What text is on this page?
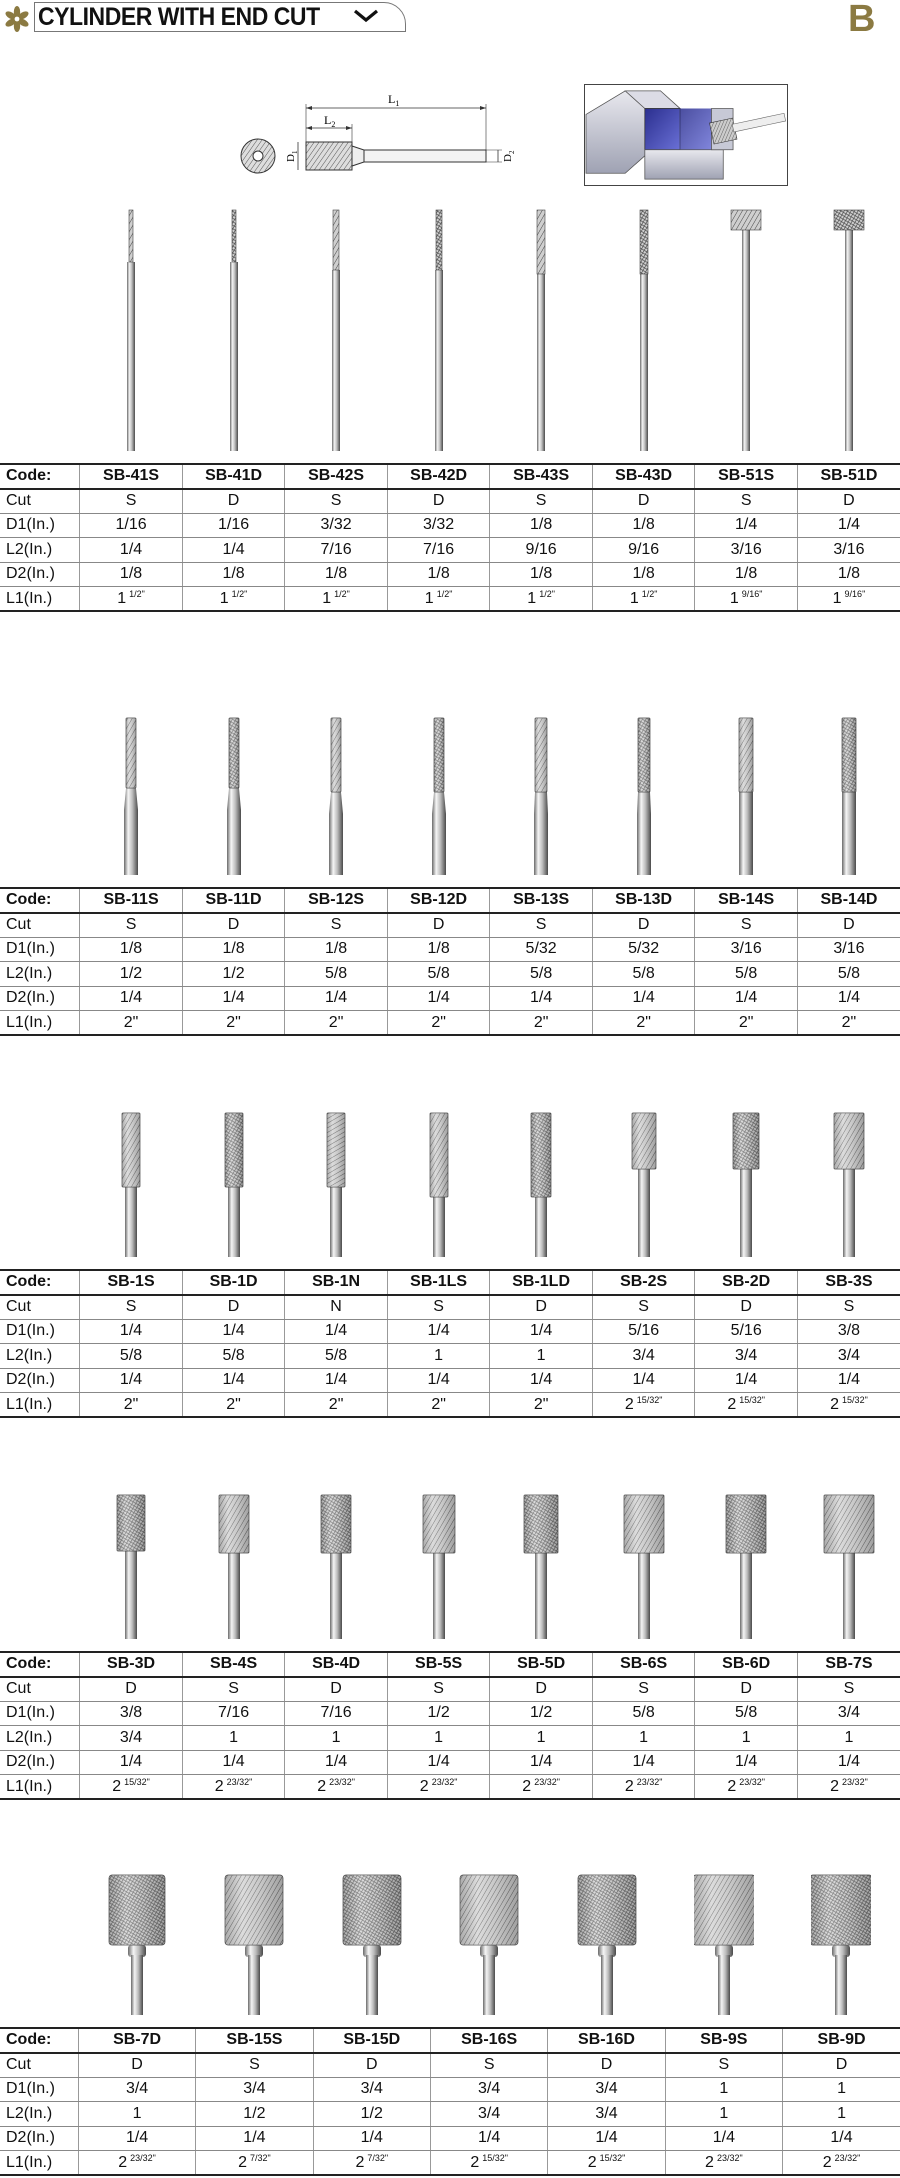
CYLINDER WITH END CUT	B
$L_1$
$L_2$
$D_1$
$D_2$
Code:	SB-41S	SB-41D	SB-42S	SB-42D	SB-43S	SB-43D	SB-51S	SB-51D
Cut	S	D	S	D	S	D	S	D
D1(In.)	1/16	1/16	3/32	3/32	1/8	1/8	1/4	1/4
L2(In.)	1/4	1/4	7/16	7/16	9/16	9/16	3/16	3/16
D2(In.)	1/8	1/8	1/8	1/8	1/8	1/8	1/8	1/8
L1(In.)	1 $^{1/2"}$	1 $^{1/2"}$	1 $^{1/2"}$	1 $^{1/2"}$	1 $^{1/2"}$	1 $^{1/2"}$	1 $^{9/16"}$	1 $^{9/16"}$
Code:	SB-11S	SB-11D	SB-12S	SB-12D	SB-13S	SB-13D	SB-14S	SB-14D
Cut	S	D	S	D	S	D	S	D
D1(In.)	1/8	1/8	1/8	1/8	5/32	5/32	3/16	3/16
L2(In.)	1/2	1/2	5/8	5/8	5/8	5/8	5/8	5/8
D2(In.)	1/4	1/4	1/4	1/4	1/4	1/4	1/4	1/4
L1(In.)	2"	2"	2"	2"	2"	2"	2"	2"
Code:	SB-1S	SB-1D	SB-1N	SB-1LS	SB-1LD	SB-2S	SB-2D	SB-3S
Cut	S	D	N	S	D	S	D	S
D1(In.)	1/4	1/4	1/4	1/4	1/4	5/16	5/16	3/8
L2(In.)	5/8	5/8	5/8	1	1	3/4	3/4	3/4
D2(In.)	1/4	1/4	1/4	1/4	1/4	1/4	1/4	1/4
L1(In.)	2"	2"	2"	2"	2"	2 $^{15/32"}$	2 $^{15/32"}$	2 $^{15/32"}$
Code:	SB-3D	SB-4S	SB-4D	SB-5S	SB-5D	SB-6S	SB-6D	SB-7S
Cut	D	S	D	S	D	S	D	S
D1(In.)	3/8	7/16	7/16	1/2	1/2	5/8	5/8	3/4
L2(In.)	3/4	1	1	1	1	1	1	1
D2(In.)	1/4	1/4	1/4	1/4	1/4	1/4	1/4	1/4
L1(In.)	2 $^{15/32"}$	2 $^{23/32"}$	2 $^{23/32"}$	2 $^{23/32"}$	2 $^{23/32"}$	2 $^{23/32"}$	2 $^{23/32"}$	2 $^{23/32"}$
Code:	SB-7D	SB-15S	SB-15D	SB-16S	SB-16D	SB-9S	SB-9D
Cut	D	S	D	S	D	S	D
D1(In.)	3/4	3/4	3/4	3/4	3/4	1	1
L2(In.)	1	1/2	1/2	3/4	3/4	1	1
D2(In.)	1/4	1/4	1/4	1/4	1/4	1/4	1/4
L1(In.)	2 $^{23/32"}$	2 $^{7/32"}$	2 $^{7/32"}$	2 $^{15/32"}$	2 $^{15/32"}$	2 $^{23/32"}$	2 $^{23/32"}$
